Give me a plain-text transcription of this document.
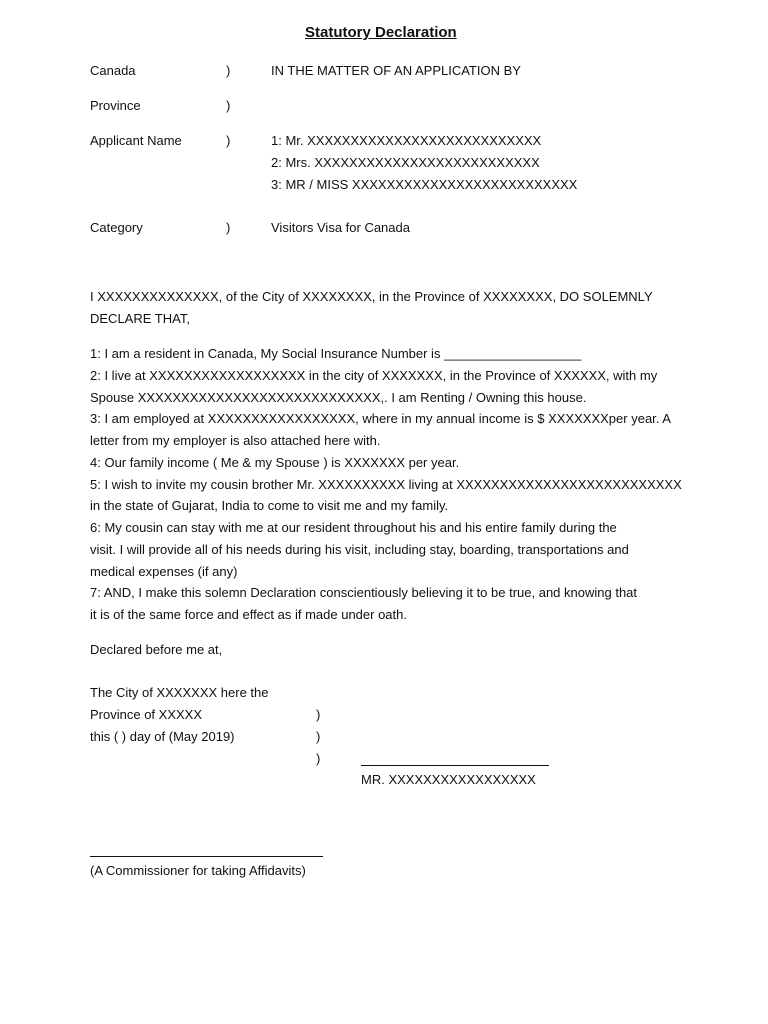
Statutory Declaration
Canada	)	IN THE MATTER OF AN APPLICATION BY
Province	)
Applicant Name	)	1: Mr. XXXXXXXXXXXXXXXXXXXXXXXXXXX
2: Mrs. XXXXXXXXXXXXXXXXXXXXXXXXXX
3: MR / MISS XXXXXXXXXXXXXXXXXXXXXXXXXX
Category	)	Visitors Visa for Canada
I XXXXXXXXXXXXXX, of the City of XXXXXXXX, in the Province of XXXXXXXX, DO SOLEMNLY
DECLARE THAT,
1: I am a resident in Canada, My Social Insurance Number is ___________________
2: I live at XXXXXXXXXXXXXXXXXX in the city of XXXXXXX, in the Province of XXXXXX, with my
Spouse XXXXXXXXXXXXXXXXXXXXXXXXXXXX,. I am Renting / Owning this house.
3: I am employed at XXXXXXXXXXXXXXXXX, where in my annual income is $ XXXXXXXper year. A
letter from my employer is also attached here with.
4: Our family income ( Me & my Spouse ) is XXXXXXX per year.
5: I wish to invite my cousin brother Mr. XXXXXXXXXX living at XXXXXXXXXXXXXXXXXXXXXXXXXX
in the state of Gujarat, India to come to visit me and my family.
6: My cousin can stay with me at our resident throughout his and his entire family during the
visit. I will provide all of his needs during his visit, including stay, boarding, transportations and
medical expenses (if any)
7: AND, I make this solemn Declaration conscientiously believing it to be true, and knowing that
it is of the same force and effect as if made under oath.
Declared before me at,
The City of XXXXXXX here the
Province of XXXXX
this ( ) day of (May 2019)
)
)
)
MR. XXXXXXXXXXXXXXXXX
(A Commissioner for taking Affidavits)
